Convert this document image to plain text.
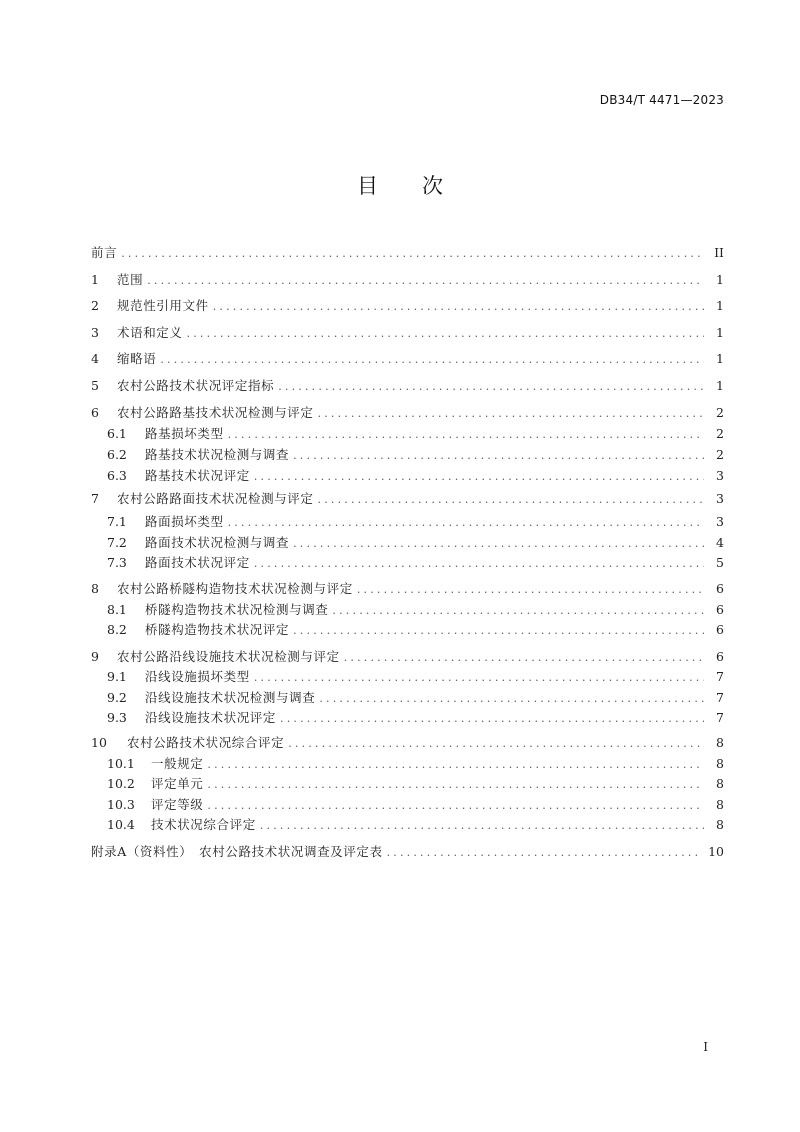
DB34/T 4471—2023
目 次
前言 .....	II
1	范围 .....	1
2	规范性引用文件 .....	1
3	术语和定义 .....	1
4	缩略语 .....	1
5	农村公路技术状况评定指标 .....	1
6	农村公路路基技术状况检测与评定 .....	2
6.1	路基损坏类型 .....	2
6.2	路基技术状况检测与调查 .....	2
6.3	路基技术状况评定 .....	3
7	农村公路路面技术状况检测与评定 .....	3
7.1	路面损坏类型 .....	3
7.2	路面技术状况检测与调查 .....	4
7.3	路面技术状况评定 .....	5
8	农村公路桥隧构造物技术状况检测与评定 .....	6
8.1	桥隧构造物技术状况检测与调查 .....	6
8.2	桥隧构造物技术状况评定 .....	6
9	农村公路沿线设施技术状况检测与评定 .....	6
9.1	沿线设施损坏类型 .....	7
9.2	沿线设施技术状况检测与调查 .....	7
9.3	沿线设施技术状况评定 .....	7
10	农村公路技术状况综合评定 .....	8
10.1	一般规定 .....	8
10.2	评定单元 .....	8
10.3	评定等级 .....	8
10.4	技术状况综合评定 .....	8
附录A（资料性）　农村公路技术状况调查及评定表 .....	10
I
